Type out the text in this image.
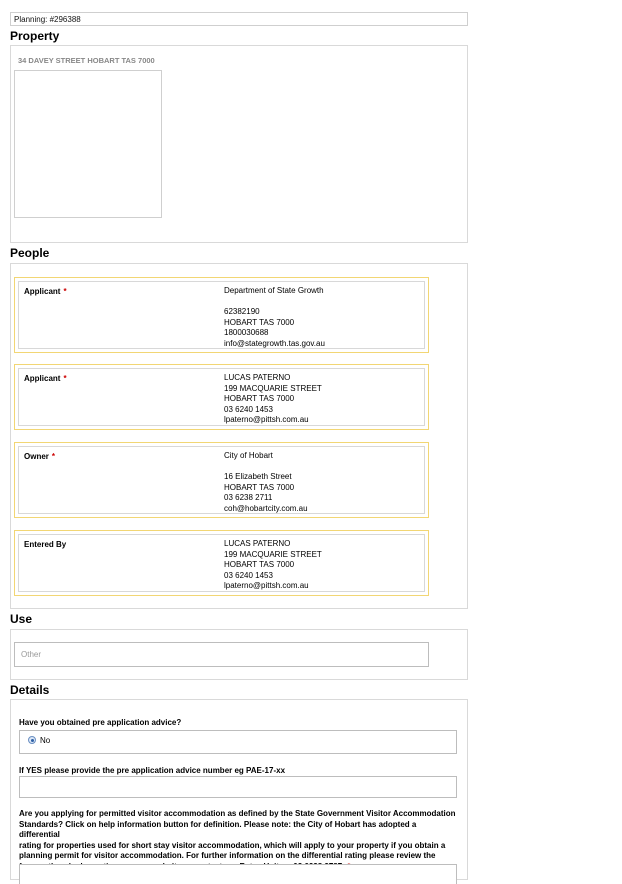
Planning: #296388
Property
34 DAVEY STREET HOBART TAS 7000
People
Applicant *	Department of State Growth
62382190
HOBART TAS 7000
1800030688
info@stategrowth.tas.gov.au
Applicant *	LUCAS PATERNO
199 MACQUARIE STREET
HOBART TAS 7000
03 6240 1453
lpaterno@pittsh.com.au
Owner *	City of Hobart
16 Elizabeth Street
HOBART TAS 7000
03 6238 2711
coh@hobartcity.com.au
Entered By	LUCAS PATERNO
199 MACQUARIE STREET
HOBART TAS 7000
03 6240 1453
lpaterno@pittsh.com.au
Use
Other
Details
Have you obtained pre application advice?
No
If YES please provide the pre application advice number eg PAE-17-xx
Are you applying for permitted visitor accommodation as defined by the State Government Visitor Accommodation
Standards? Click on help information button for definition. Please note: the City of Hobart has adopted a differential
rating for properties used for short stay visitor accommodation, which will apply to your property if you obtain a
planning permit for visitor accommodation. For further information on the differential rating please review the
